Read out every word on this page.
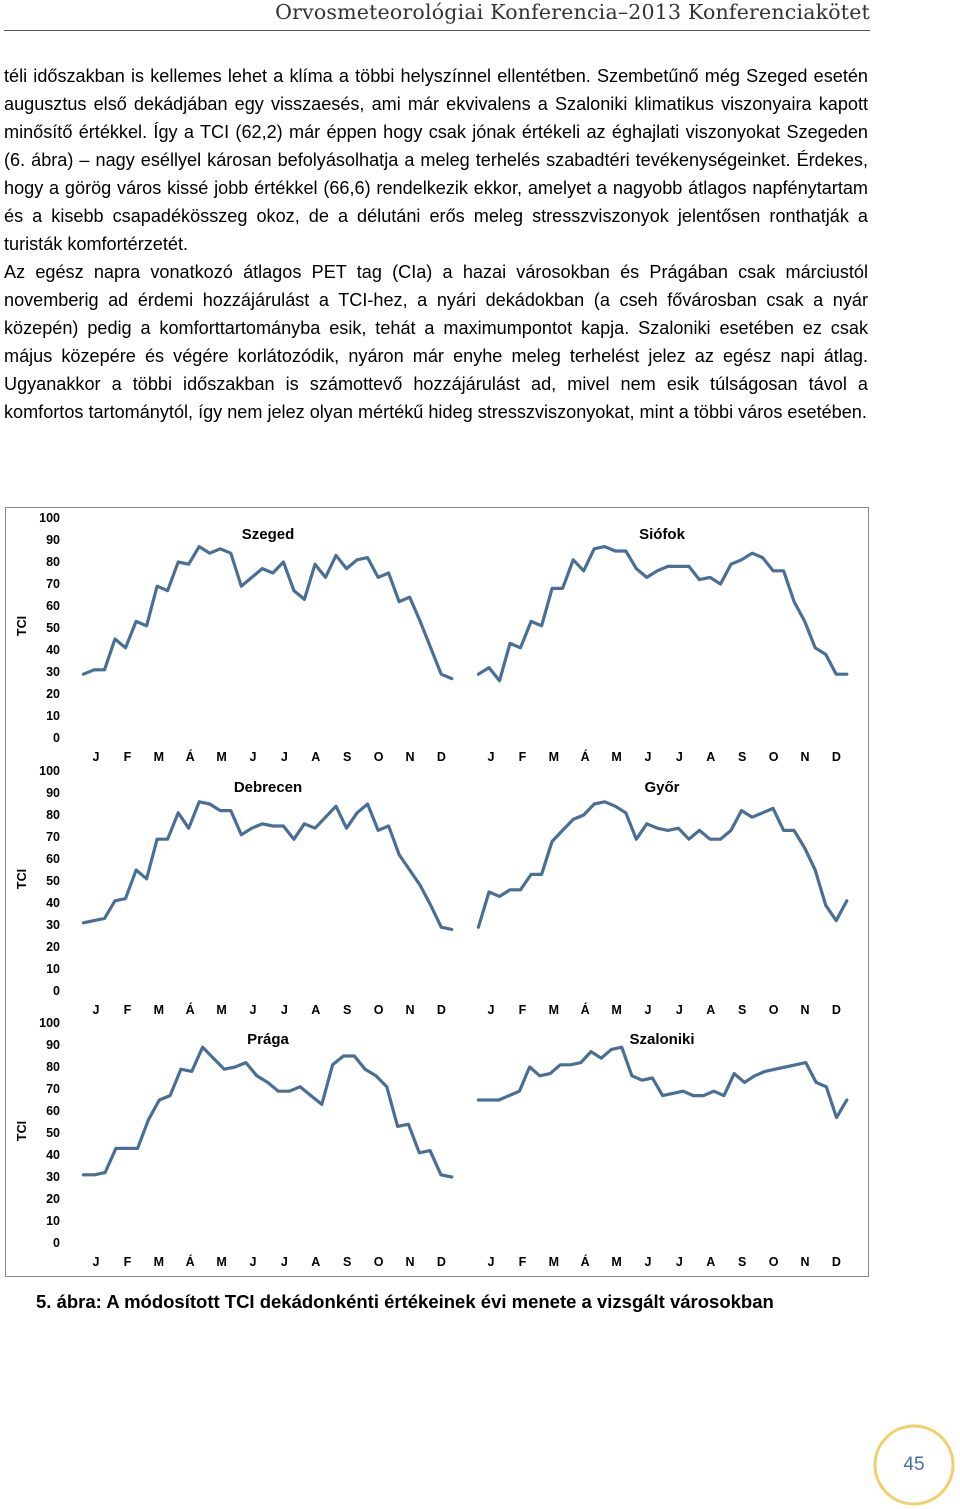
Orvosmeteorológiai Konferencia–2013 Konferenciakötet

téli időszakban is kellemes lehet a klíma a többi helyszínnel ellentétben. Szembetűnő még Szeged esetén augusztus első dekádjában egy visszaesés, ami már ekvivalens a Szaloniki klimatikus viszonyaira kapott minősítő értékkel. Így a TCI (62,2) már éppen hogy csak jónak értékeli az éghajlati viszonyokat Szegeden (6. ábra) – nagy eséllyel károsan befolyásolhatja a meleg terhelés szabadtéri tevékenységeinket. Érdekes, hogy a görög város kissé jobb értékkel (66,6) rendelkezik ekkor, amelyet a nagyobb átlagos napfénytartam és a kisebb csapadékösszeg okoz, de a délutáni erős meleg stresszviszonyok jelentősen ronthatják a turisták komfortérzetét.

Az egész napra vonatkozó átlagos PET tag (CIa) a hazai városokban és Prágában csak márciustól novemberig ad érdemi hozzájárulást a TCI-hez, a nyári dekádokban (a cseh fővárosban csak a nyár közepén) pedig a komforttartományba esik, tehát a maximumpontot kapja. Szaloniki esetében ez csak május közepére és végére korlátozódik, nyáron már enyhe meleg terhelést jelez az egész napi átlag. Ugyanakkor a többi időszakban is számottevő hozzájárulást ad, mivel nem esik túlságosan távol a komfortos tartománytól, így nem jelez olyan mértékű hideg stresszviszonyokat, mint a többi város esetében.

100
90
80
70
60
50
40
30
20
10
0
TCI
Szeged
J F M Á M J J A S O N D
Siófok
J F M Á M J J A S O N D
100
90
80
70
60
50
40
30
20
10
0
TCI
Debrecen
J F M Á M J J A S O N D
Győr
J F M Á M J J A S O N D
100
90
80
70
60
50
40
30
20
10
0
TCI
Prága
J F M Á M J J A S O N D
Szaloniki
J F M Á M J J A S O N D
5. ábra: A módosított TCI dekádonkénti értékeinek évi menete a vizsgált városokban
45
